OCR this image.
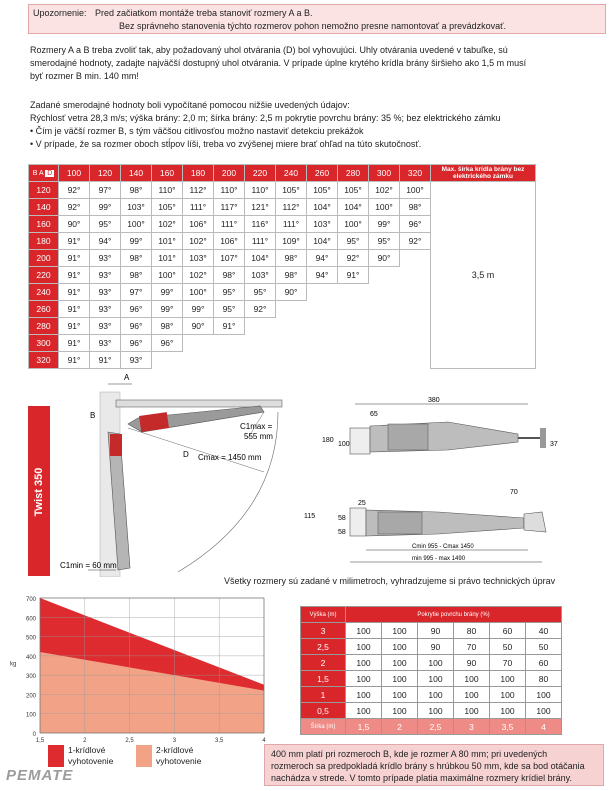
Upozornenie: Pred začiatkom montáže treba stanoviť rozmery A a B.
Bez správneho stanovenia týchto rozmerov pohon nemožno presne namontovať a prevádzkovať.

Rozmery A a B treba zvoliť tak, aby požadovaný uhol otvárania (D) bol vyhovujúci. Uhly otvárania uvedené v tabuľke, sú

smerodajné hodnoty, zadajte najväčší dostupný uhol otvárania. V prípade úplne krytého krídla brány širšieho ako 1,5 m musí

byť rozmer B min. 140 mm!

Zadané smerodajné hodnoty boli vypočítané pomocou nižšie uvedených údajov:

Rýchlosť vetra 28,3 m/s; výška brány: 2,0 m; šírka brány: 2,5 m pokrytie povrchu brány: 35 %; bez elektrického zámku

• Čím je väčší rozmer B, s tým väčšou citlivosťou možno nastaviť detekciu prekážok

• V prípade, že sa rozmer oboch stĺpov líši, treba vo zvýšenej miere brať ohľad na túto skutočnosť.

B A D	100	120	140	160	180	200	220	240	260	280	300	320	Max. šírka krídla brány bez elektrického zámku
120	92°	97°	98°	110°	112°	110°	110°	105°	105°	105°	102°	100°	3,5 m
140	92°	99°	103°	105°	111°	117°	121°	112°	104°	104°	100°	98°	
160	90°	95°	100°	102°	106°	111°	116°	111°	103°	100°	99°	96°	
180	91°	94°	99°	101°	102°	106°	111°	109°	104°	95°	95°	92°	
200	91°	93°	98°	101°	103°	107°	104°	98°	94°	92°	90°		
220	91°	93°	98°	100°	102°	98°	103°	98°	94°	91°			
240	91°	93°	97°	99°	100°	95°	95°	90°					
260	91°	93°	96°	99°	99°	95°	92°						
280	91°	93°	96°	98°	90°	91°							
300	91°	93°	96°	96°									
320	91°	91°	93°										
Twist 350
A
B
D
C1max =
555 mm
Cmax = 1450 mm
C1min = 60 mm
380
65
180
100	37
70
115	58
58
25
Cmin 955 - Cmax 1450
min 995 - max 1490
Všetky rozmery sú zadané v milimetroch, vyhradzujeme si právo technických úprav
0
100
200
300
400
500
600
700
1,5	2	2,5	3	3,5	4
kg
1-krídlové vyhotovenie
2-krídlové vyhotovenie
Výška (m)	Pokrytie povrchu brány (%)					
3	100	100	90	80	60	40
2,5	100	100	90	70	50	50
2	100	100	100	90	70	60
1,5	100	100	100	100	100	80
1	100	100	100	100	100	100
0,5	100	100	100	100	100	100
Šírka (m)	1,5	2	2,5	3	3,5	4
400 mm platí pri rozmeroch B, kde je rozmer A 80 mm; pri uvedených
rozmeroch sa predpokladá krídlo brány s hrúbkou 50 mm, kde sa bod otáčania
nachádza v strede. V tomto prípade platia maximálne rozmery krídiel brány.
PEMATE
